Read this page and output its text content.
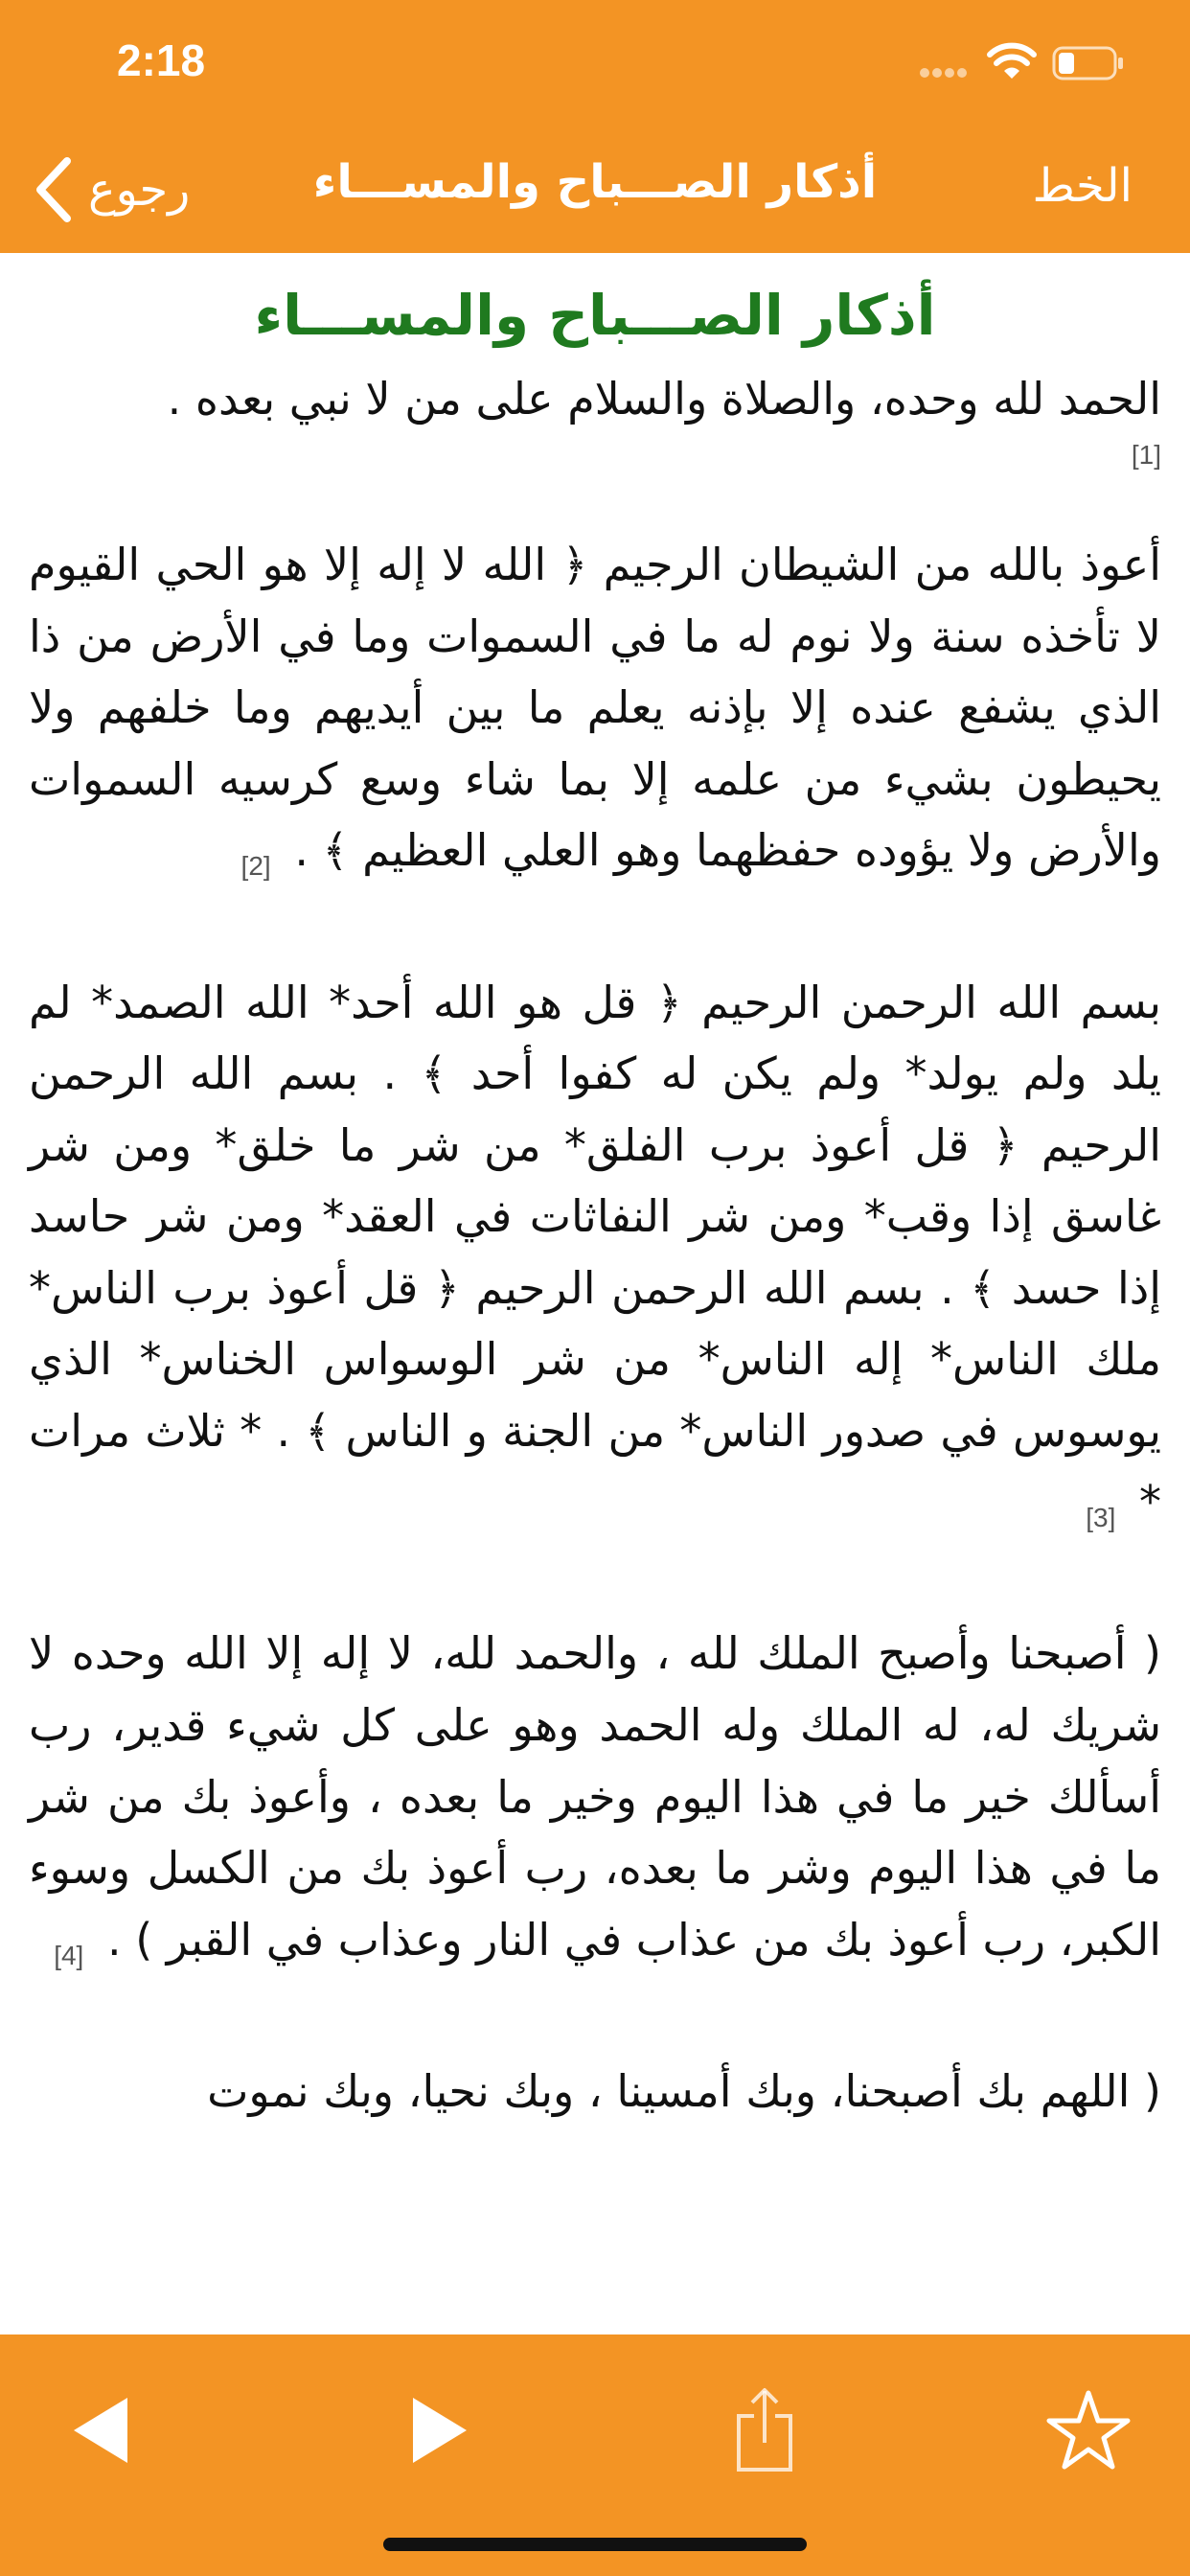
2:18
رجوع	أذكار الصـــباح والمســـاء	الخط
أذكار الصـــباح والمســـاء
الحمد لله وحده، والصلاة والسلام على من لا نبي بعده .
[1]
أعوذ بالله من الشيطان الرجيم ﴿ الله لا إله إلا هو الحي القيوم لا تأخذه سنة ولا نوم له ما في السموات وما في الأرض من ذا الذي يشفع عنده إلا بإذنه يعلم ما بين أيديهم وما خلفهم ولا يحيطون بشيء من علمه إلا بما شاء وسع كرسيه السموات والأرض ولا يؤوده حفظهما وهو العلي العظيم ﴾ . [2]
بسم الله الرحمن الرحيم ﴿ قل هو الله أحد* الله الصمد* لم يلد ولم يولد* ولم يكن له كفوا أحد ﴾ . بسم الله الرحمن الرحيم ﴿ قل أعوذ برب الفلق* من شر ما خلق* ومن شر غاسق إذا وقب* ومن شر النفاثات في العقد* ومن شر حاسد إذا حسد ﴾ . بسم الله الرحمن الرحيم ﴿ قل أعوذ برب الناس* ملك الناس* إله الناس* من شر الوسواس الخناس* الذي يوسوس في صدور الناس* من الجنة و الناس ﴾ . * ثلاث مرات * [3]
( أصبحنا وأصبح الملك لله ، والحمد لله، لا إله إلا الله وحده لا شريك له، له الملك وله الحمد وهو على كل شيء قدير، رب أسألك خير ما في هذا اليوم وخير ما بعده ، وأعوذ بك من شر ما في هذا اليوم وشر ما بعده، رب أعوذ بك من الكسل وسوء الكبر، رب أعوذ بك من عذاب في النار وعذاب في القبر ) . [4]
( اللهم بك أصبحنا، وبك أمسينا ، وبك نحيا، وبك نموت
